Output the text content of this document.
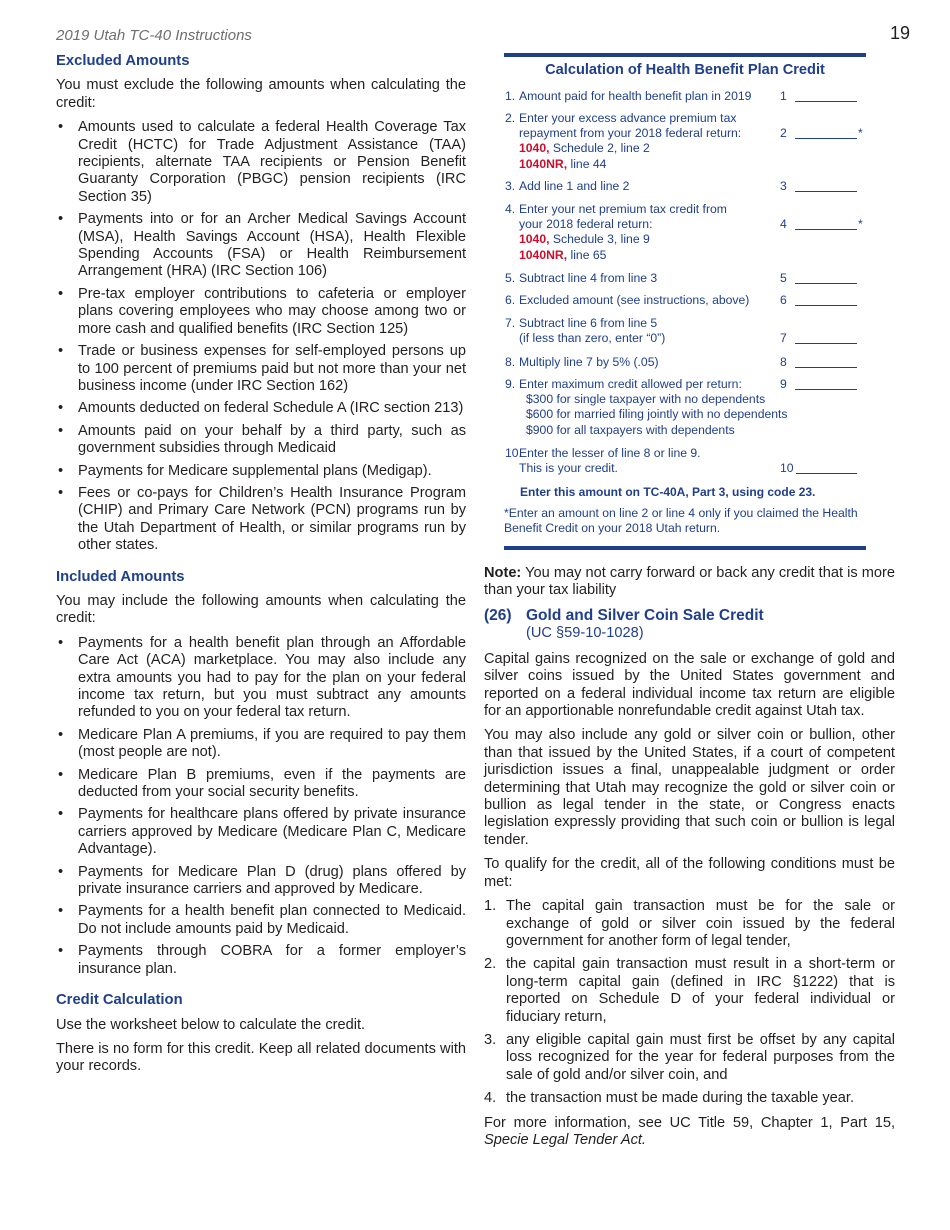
2019 Utah TC-40 Instructions	19
Excluded Amounts

You must exclude the following amounts when calculating the credit:

• Amounts used to calculate a federal Health Coverage Tax Credit (HCTC) for Trade Adjustment Assistance (TAA) recipients, alternate TAA recipients or Pension Benefit Guaranty Corporation (PBGC) pension recipients (IRC Section 35)
• Payments into or for an Archer Medical Savings Account (MSA), Health Savings Account (HSA), Health Flexible Spending Accounts (FSA) or Health Reimbursement Arrangement (HRA) (IRC Section 106)
• Pre-tax employer contributions to cafeteria or employer plans covering employees who may choose among two or more cash and qualified benefits (IRC Section 125)
• Trade or business expenses for self-employed persons up to 100 percent of premiums paid but not more than your net business income (under IRC Section 162)
• Amounts deducted on federal Schedule A (IRC section 213)
• Amounts paid on your behalf by a third party, such as government subsidies through Medicaid
• Payments for Medicare supplemental plans (Medigap).
• Fees or co-pays for Children’s Health Insurance Program (CHIP) and Primary Care Network (PCN) programs run by the Utah Department of Health, or similar programs run by other states.
Included Amounts

You may include the following amounts when calculating the credit:

• Payments for a health benefit plan through an Affordable Care Act (ACA) marketplace. You may also include any extra amounts you had to pay for the plan on your federal income tax return, but you must subtract any amounts refunded to you on your federal tax return.
• Medicare Plan A premiums, if you are required to pay them (most people are not).
• Medicare Plan B premiums, even if the payments are deducted from your social security benefits.
• Payments for healthcare plans offered by private insurance carriers approved by Medicare (Medicare Plan C, Medicare Advantage).
• Payments for Medicare Plan D (drug) plans offered by private insurance carriers and approved by Medicare.
• Payments for a health benefit plan connected to Medicaid. Do not include amounts paid by Medicaid.
• Payments through COBRA for a former employer’s insurance plan.
Credit Calculation

Use the worksheet below to calculate the credit.

There is no form for this credit. Keep all related documents with your records.

Calculation of Health Benefit Plan Credit
1. Amount paid for health benefit plan in 2019	1
2. Enter your excess advance premium tax
repayment from your 2018 federal return:
1040, Schedule 2, line 2
1040NR, line 44
2	*
3. Add line 1 and line 2	3
4. Enter your net premium tax credit from
your 2018 federal return:
1040, Schedule 3, line 9
1040NR, line 65
4	*
5. Subtract line 4 from line 3	5
6. Excluded amount (see instructions, above)	6
7. Subtract line 6 from line 5
(if less than zero, enter “0”)	7
8. Multiply line 7 by 5% (.05)	8
9. Enter maximum credit allowed per return:
$300 for single taxpayer with no dependents
$600 for married filing jointly with no dependents
$900 for all taxpayers with dependents
9
10.
Enter the lesser of line 8 or line 9.
This is your credit.	10
Enter this amount on TC-40A, Part 3, using code 23.
*Enter an amount on line 2 or line 4 only if you claimed the Health Benefit Credit on your 2018 Utah return.

Note: You may not carry forward or back any credit that is more than your tax liability

(26) Gold and Silver Coin Sale Credit
(UC §59-10-1028)

Capital gains recognized on the sale or exchange of gold and silver coins issued by the United States government and reported on a federal individual income tax return are eligible for an apportionable nonrefundable credit against Utah tax.

You may also include any gold or silver coin or bullion, other than that issued by the United States, if a court of competent jurisdiction issues a final, unappealable judgment or order determining that Utah may recognize the gold or silver coin or bullion as legal tender in the state, or Congress enacts legislation expressly providing that such coin or bullion is legal tender.

To qualify for the credit, all of the following conditions must be met:

1. The capital gain transaction must be for the sale or exchange of gold or silver coin issued by the federal government for another form of legal tender,
2. the capital gain transaction must result in a short-term or long-term capital gain (defined in IRC §1222) that is reported on Schedule D of your federal individual or fiduciary return,
3. any eligible capital gain must first be offset by any capital loss recognized for the year for federal purposes from the sale of gold and/or silver coin, and
4. the transaction must be made during the taxable year.

For more information, see UC Title 59, Chapter 1, Part 15, Specie Legal Tender Act.
